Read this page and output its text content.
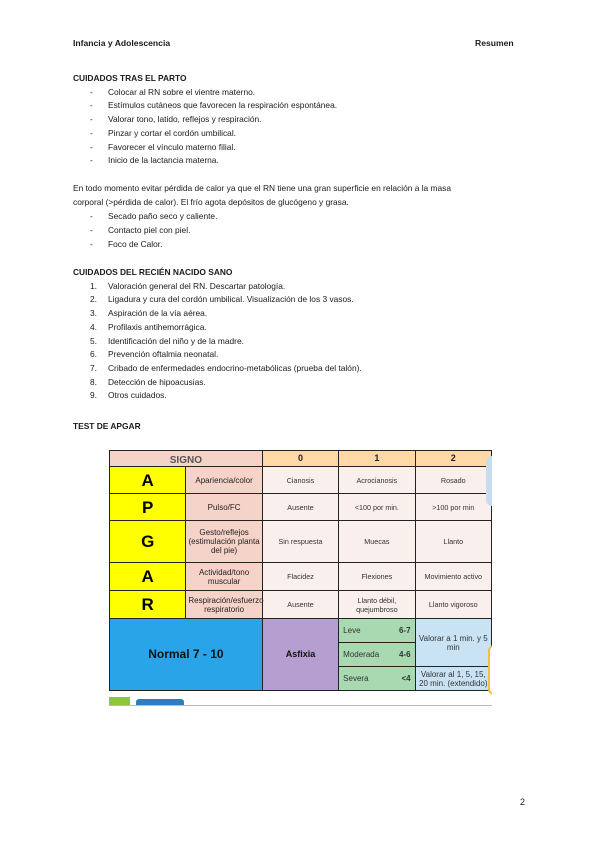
Infancia y Adolescencia	Resumen
CUIDADOS TRAS EL PARTO
- Colocar al RN sobre el vientre materno.
- Estímulos cutáneos que favorecen la respiración espontánea.
- Valorar tono, latido, reflejos y respiración.
- Pinzar y cortar el cordón umbilical.
- Favorecer el vínculo materno filial.
- Inicio de la lactancia materna.
En todo momento evitar pérdida de calor ya que el RN tiene una gran superficie en relación a la masa
corporal (>pérdida de calor). El frío agota depósitos de glucógeno y grasa.
- Secado paño seco y caliente.
- Contacto piel con piel.
- Foco de Calor.
CUIDADOS DEL RECIÉN NACIDO SANO
1. Valoración general del RN. Descartar patología.
2. Ligadura y cura del cordón umbilical. Visualización de los 3 vasos.
3. Aspiración de la vía aérea.
4. Profilaxis antihemorrágica.
5. Identificación del niño y de la madre.
6. Prevención oftalmia neonatal.
7. Cribado de enfermedades endocrino-metabólicas (prueba del talón).
8. Detección de hipoacusias.
9. Otros cuidados.
TEST DE APGAR
SIGNO		0	1	2
A	Apariencia/color	Cianosis	Acrocianosis	Rosado
P	Pulso/FC	Ausente	<100 por min.	>100 por min
G	Gesto/reflejos (estimulación planta del pie)	Sin respuesta	Muecas	Llanto
A	Actividad/tono muscular	Flacidez	Flexiones	Movimiento activo
R	Respiración/esfuerzo respiratorio	Ausente	Llanto débil, quejumbroso	Llanto vigoroso
Normal 7 - 10		Asfixia	Leve 6-7	Valorar a 1 min. y 5 min
			Moderada 4-6	

			Severa <4	Valorar al 1, 5, 15, 20 min. (extendido)
2
